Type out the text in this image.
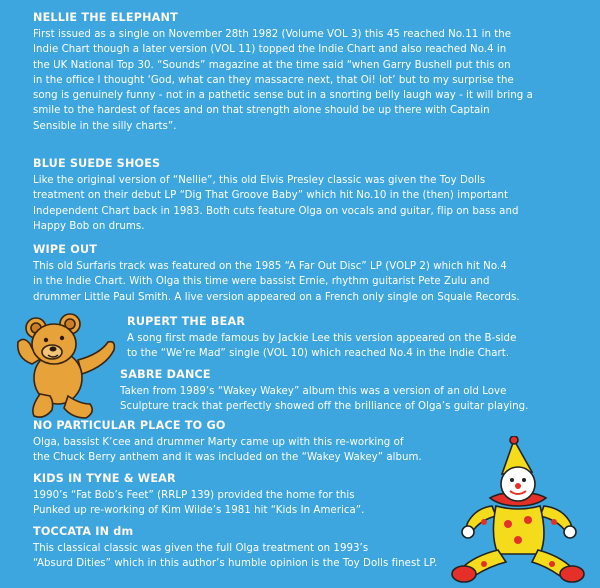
NELLIE THE ELEPHANT
First issued as a single on November 28th 1982 (Volume VOL 3) this 45 reached No.11 in the
Indie Chart though a later version (VOL 11) topped the Indie Chart and also reached No.4 in
the UK National Top 30. “Sounds” magazine at the time said “when Garry Bushell put this on
in the office I thought ‘God, what can they massacre next, that Oi! lot’ but to my surprise the
song is genuinely funny - not in a pathetic sense but in a snorting belly laugh way - it will bring a
smile to the hardest of faces and on that strength alone should be up there with Captain
Sensible in the silly charts”.
BLUE SUEDE SHOES
Like the original version of “Nellie”, this old Elvis Presley classic was given the Toy Dolls
treatment on their debut LP “Dig That Groove Baby” which hit No.10 in the (then) important
Independent Chart back in 1983. Both cuts feature Olga on vocals and guitar, flip on bass and
Happy Bob on drums.
WIPE OUT
This old Surfaris track was featured on the 1985 “A Far Out Disc” LP (VOLP 2) which hit No.4
in the Indie Chart. With Olga this time were bassist Ernie, rhythm guitarist Pete Zulu and
drummer Little Paul Smith. A live version appeared on a French only single on Squale Records.
RUPERT THE BEAR
A song first made famous by Jackie Lee this version appeared on the B-side
to the “We’re Mad” single (VOL 10) which reached No.4 in the Indie Chart.
SABRE DANCE
Taken from 1989’s “Wakey Wakey” album this was a version of an old Love
Sculpture track that perfectly showed off the brilliance of Olga’s guitar playing.
NO PARTICULAR PLACE TO GO
Olga, bassist K’cee and drummer Marty came up with this re-working of
the Chuck Berry anthem and it was included on the “Wakey Wakey” album.
KIDS IN TYNE & WEAR
1990’s “Fat Bob’s Feet” (RRLP 139) provided the home for this
Punked up re-working of Kim Wilde’s 1981 hit “Kids In America”.
TOCCATA IN dm
This classical classic was given the full Olga treatment on 1993’s
“Absurd Dities” which in this author’s humble opinion is the Toy Dolls finest LP.
